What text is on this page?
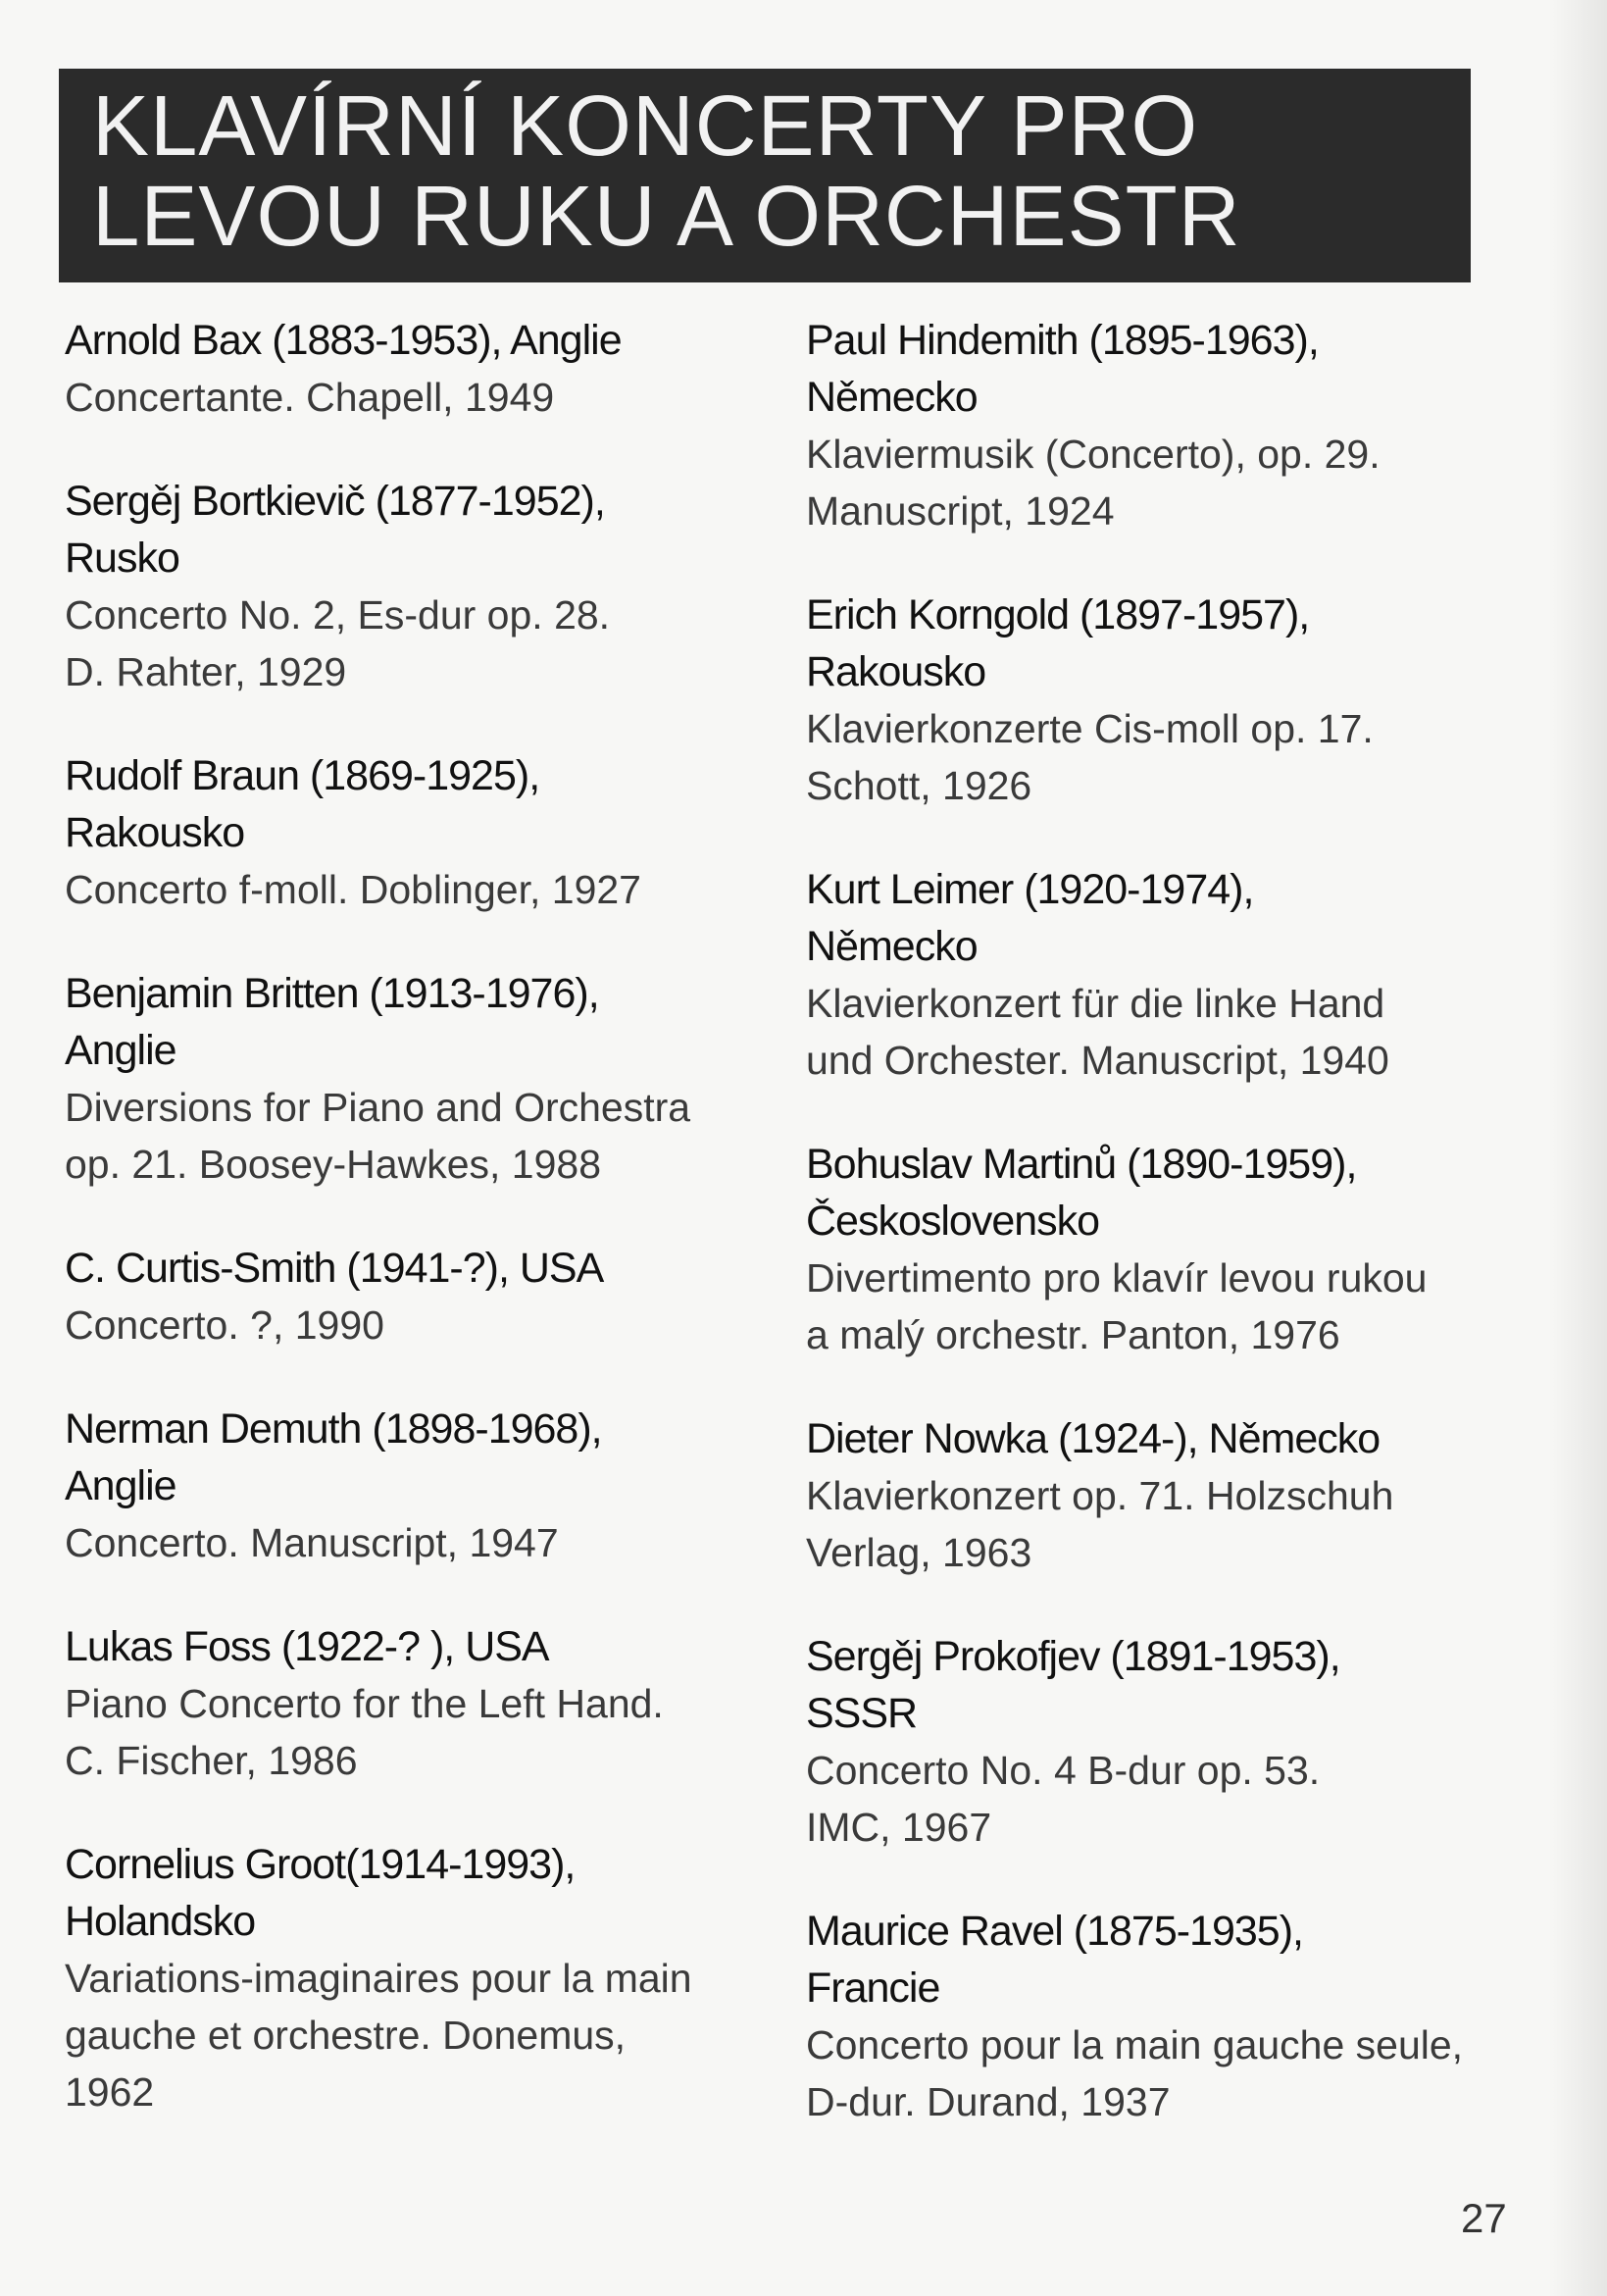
KLAVÍRNÍ KONCERTY PRO
LEVOU RUKU A ORCHESTR
Arnold Bax (1883-1953), Anglie
Concertante. Chapell, 1949
Sergěj Bortkievič (1877-1952),
Rusko
Concerto No. 2, Es-dur op. 28.
D. Rahter, 1929
Rudolf Braun (1869-1925),
Rakousko
Concerto f-moll. Doblinger, 1927
Benjamin Britten (1913-1976),
Anglie
Diversions for Piano and Orchestra
op. 21. Boosey-Hawkes, 1988
C. Curtis-Smith (1941-?), USA
Concerto. ?, 1990
Nerman Demuth (1898-1968),
Anglie
Concerto. Manuscript, 1947
Lukas Foss (1922-? ), USA
Piano Concerto for the Left Hand.
C. Fischer, 1986
Cornelius Groot(1914-1993),
Holandsko
Variations-imaginaires pour la main
gauche et orchestre. Donemus,
1962
Paul Hindemith (1895-1963),
Německo
Klaviermusik (Concerto), op. 29.
Manuscript, 1924
Erich Korngold (1897-1957),
Rakousko
Klavierkonzerte Cis-moll op. 17.
Schott, 1926
Kurt Leimer (1920-1974),
Německo
Klavierkonzert für die linke Hand
und Orchester. Manuscript, 1940
Bohuslav Martinů (1890-1959),
Československo
Divertimento pro klavír levou rukou
a malý orchestr. Panton, 1976
Dieter Nowka (1924-), Německo
Klavierkonzert op. 71. Holzschuh
Verlag, 1963
Sergěj Prokofjev (1891-1953),
SSSR
Concerto No. 4 B-dur op. 53.
IMC, 1967
Maurice Ravel (1875-1935),
Francie
Concerto pour la main gauche seule,
D-dur. Durand, 1937
27
